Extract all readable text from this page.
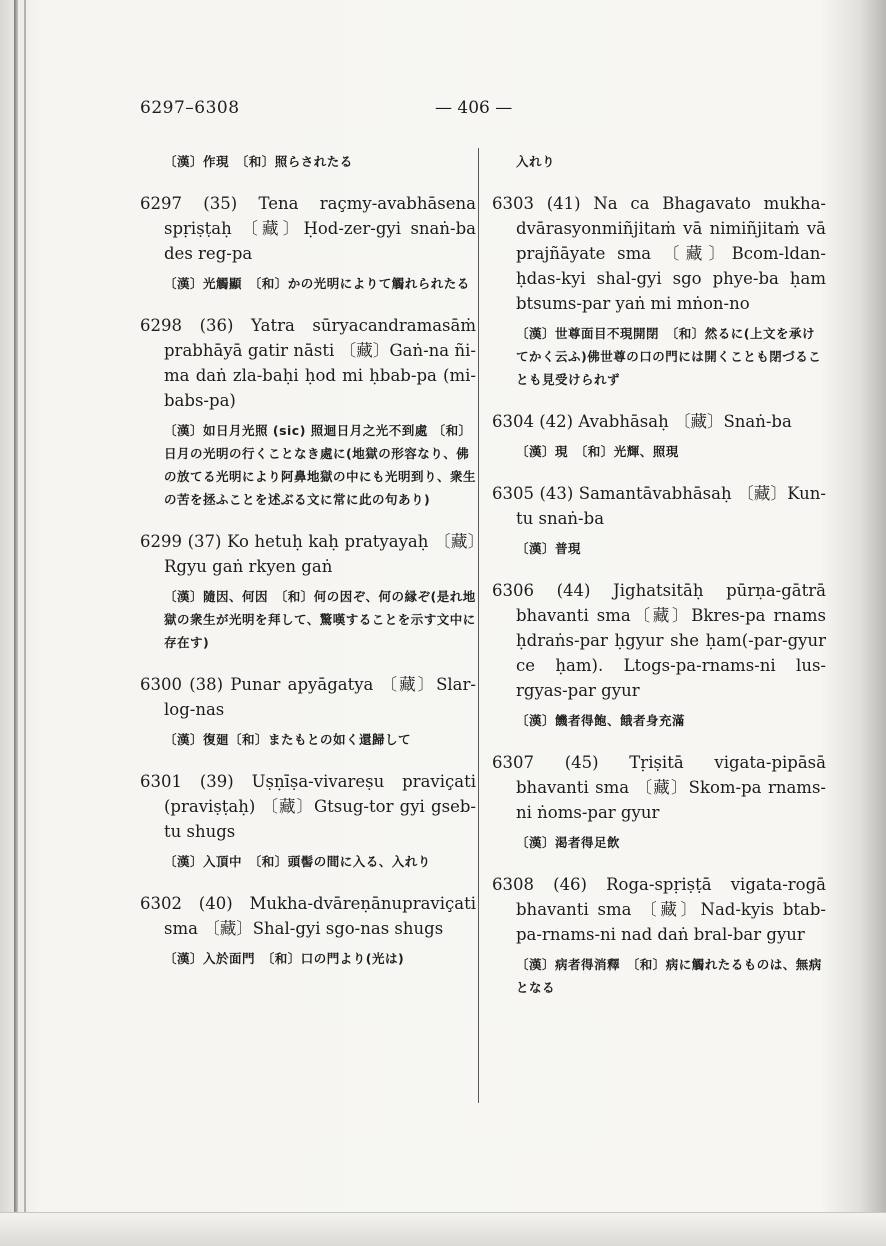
6297–6308	— 406 —

〔漢〕作現　〔和〕照らされたる

6297 (35) Tena raçmy-avabhāsena spṛiṣṭaḥ 〔藏〕Ḥod-zer-gyi snaṅ-ba des reg-pa

〔漢〕光觸顯　〔和〕かの光明によりて觸れられたる

6298 (36) Yatra sūryacandramasāṁ prabhāyā gatir nāsti 〔藏〕Gaṅ-na ñi-ma daṅ zla-baḥi ḥod mi ḥbab-pa (mi-babs-pa)

〔漢〕如日月光照 (sic) 照迴日月之光不到處 〔和〕日月の光明の行くことなき處に(地獄の形容なり、佛の放てる光明により阿鼻地獄の中にも光明到り、衆生の苦を拯ふことを述ぶる文に常に此の句あり)

6299 (37) Ko hetuḥ kaḥ pratyayaḥ 〔藏〕Rgyu gaṅ rkyen gaṅ

〔漢〕隨因、何因　〔和〕何の因ぞ、何の縁ぞ(是れ地獄の衆生が光明を拜して、驚嘆することを示す文中に存在す)

6300 (38) Punar apyāgatya 〔藏〕Slar-log-nas

〔漢〕復廻〔和〕またもとの如く還歸して

6301 (39) Uṣṇīṣa-vivareṣu praviçati (praviṣṭaḥ) 〔藏〕Gtsug-tor gyi gseb-tu shugs

〔漢〕入頂中　〔和〕頭髻の間に入る、入れり

6302 (40) Mukha-dvāreṇānupraviçati sma 〔藏〕Shal-gyi sgo-nas shugs

〔漢〕入於面門　〔和〕口の門より(光は)

入れり

6303 (41) Na ca Bhagavato mukha-dvārasyonmiñjitaṁ vā nimiñjitaṁ vā prajñāyate sma 〔藏〕Bcom-ldan-ḥdas-kyi shal-gyi sgo phye-ba ḥam btsums-par yaṅ mi mṅon-no

〔漢〕世尊面目不現開閉　〔和〕然るに(上文を承けてかく云ふ)佛世尊の口の門には開くことも閉づることも見受けられず

6304 (42) Avabhāsaḥ 〔藏〕Snaṅ-ba

〔漢〕現　〔和〕光輝、照現

6305 (43) Samantāvabhāsaḥ 〔藏〕Kun-tu snaṅ-ba

〔漢〕普現

6306 (44) Jighatsitāḥ pūrṇa-gātrā bhavanti sma〔藏〕Bkres-pa rnams ḥdraṅs-par ḥgyur she ḥam(-par-gyur ce ḥam). Ltogs-pa-rnams-ni lus-rgyas-par gyur

〔漢〕饑者得飽、餓者身充滿

6307 (45) Tṛiṣitā vigata-pipāsā bhavanti sma 〔藏〕Skom-pa rnams-ni ṅoms-par gyur

〔漢〕渇者得足飲

6308 (46) Roga-spṛiṣṭā vigata-rogā bhavanti sma 〔藏〕Nad-kyis btab-pa-rnams-ni nad daṅ bral-bar gyur

〔漢〕病者得消釋　〔和〕病に觸れたるものは、無病となる
